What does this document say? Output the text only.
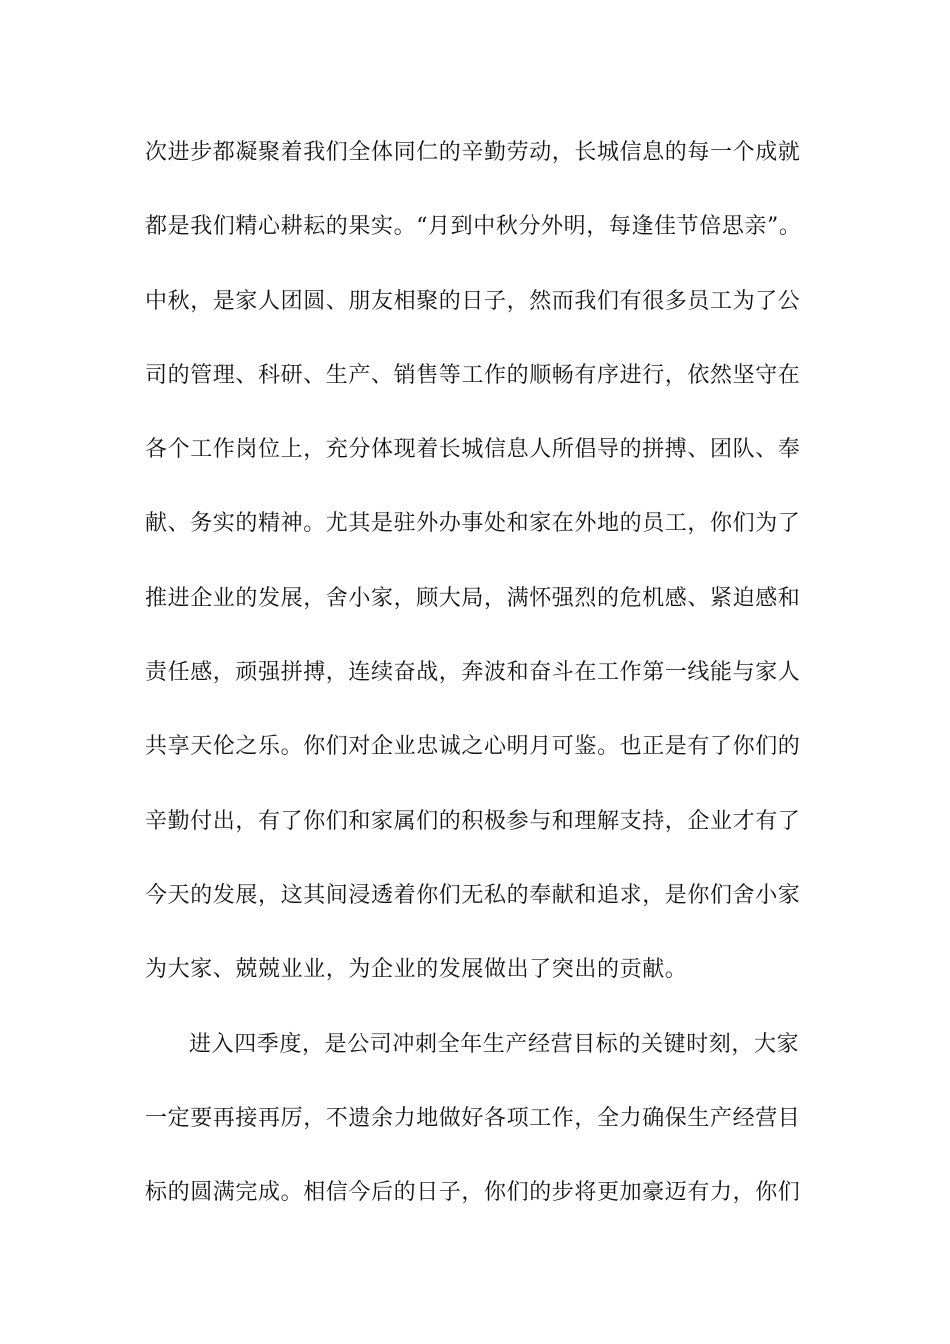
次进步都凝聚着我们全体同仁的辛勤劳动，长城信息的每一个成就
都是我们精心耕耘的果实。“月到中秋分外明，每逢佳节倍思亲”。
中秋，是家人团圆、朋友相聚的日子，然而我们有很多员工为了公
司的管理、科研、生产、销售等工作的顺畅有序进行，依然坚守在
各个工作岗位上，充分体现着长城信息人所倡导的拼搏、团队、奉
献、务实的精神。尤其是驻外办事处和家在外地的员工，你们为了
推进企业的发展，舍小家，顾大局，满怀强烈的危机感、紧迫感和
责任感，顽强拼搏，连续奋战，奔波和奋斗在工作第一线能与家人
共享天伦之乐。你们对企业忠诚之心明月可鉴。也正是有了你们的
辛勤付出，有了你们和家属们的积极参与和理解支持，企业才有了
今天的发展，这其间浸透着你们无私的奉献和追求，是你们舍小家
为大家、兢兢业业，为企业的发展做出了突出的贡献。
进入四季度，是公司冲刺全年生产经营目标的关键时刻，大家
一定要再接再厉，不遗余力地做好各项工作，全力确保生产经营目
标的圆满完成。相信今后的日子，你们的步将更加豪迈有力，你们
